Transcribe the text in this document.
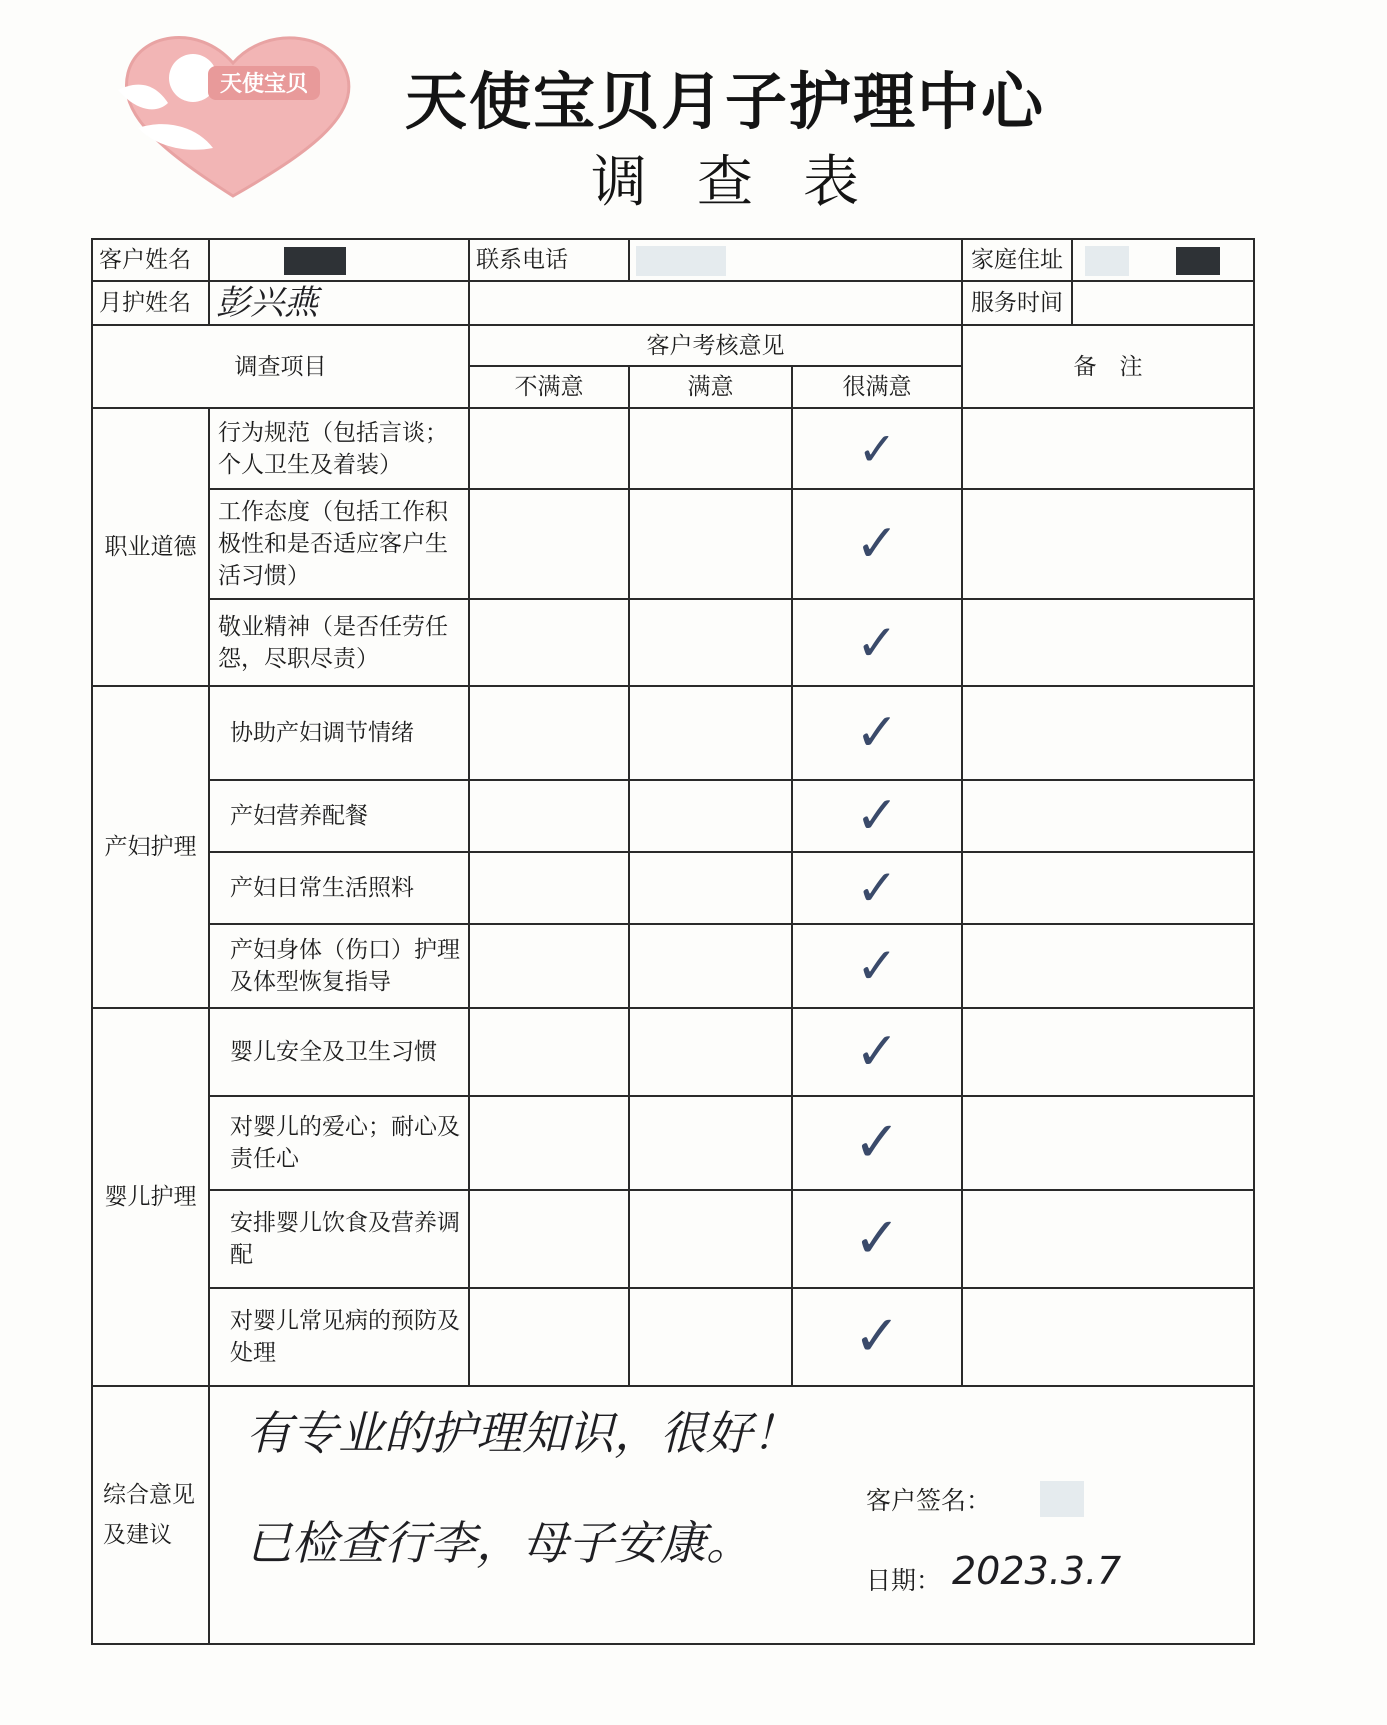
天使宝贝	天使宝贝月子护理中心
调查表
客户姓名		联系电话			家庭住址

月护姓名	彭兴燕				服务时间

调查项目		客户考核意见			备　注
		不满意	满意	很满意	
职业道德	行为规范（包括言谈；个人卫生及着装）			✓	
	工作态度（包括工作积极性和是否适应客户生活习惯）			✓	
	敬业精神（是否任劳任怨，尽职尽责）			✓	
产妇护理	协助产妇调节情绪			✓	
	产妇营养配餐			✓	
	产妇日常生活照料			✓	
	产妇身体（伤口）护理及体型恢复指导			✓	
婴儿护理	婴儿安全及卫生习惯			✓	
	对婴儿的爱心；耐心及责任心			✓	
	安排婴儿饮食及营养调配			✓	
	对婴儿常见病的预防及处理			✓	
综合意见及建议	有专业的护理知识，很好！
已检查行李，母子安康。
客户签名：
日期： 2023.3.7				
